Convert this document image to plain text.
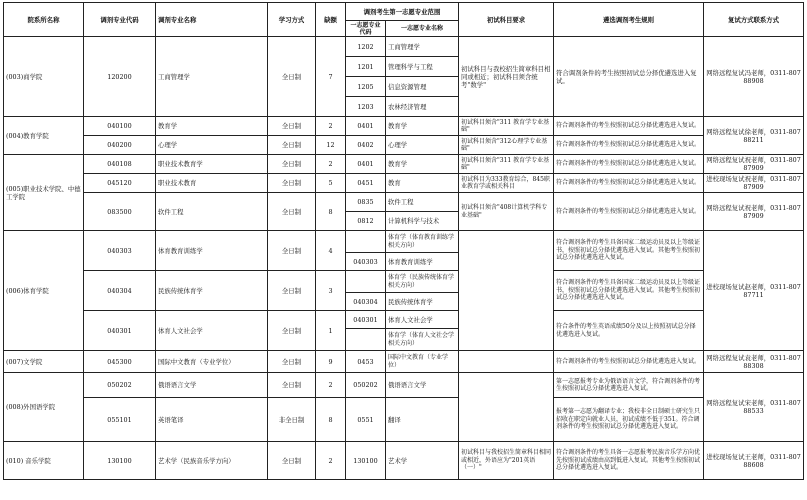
院系所名称	调剂专业代码	调剂专业名称	学习方式	缺额	调剂考生第一志愿专业范围		初试科目要求	遴选调剂考生规则	复试方式联系方式
					一志愿专业代码	一志愿专业名称			
(003)商学院	120200	工商管理学	全日制	7	1202	工商管理学	初试科目与我校招生简章科目相同或相近；初试科目须含统考"数学"	符合调剂条件的考生按照初试总分择优遴选进入复试。	网络远程复试冯老师，0311-80788908
					1201	管理科学与工程			
					1205	信息资源管理			
					1203	农林经济管理			
(004)教育学院	040100	教育学	全日制	2	0401	教育学	初试科目须含"311 教育学专业基础"	符合调剂条件的考生按照初试总分择优遴选进入复试。	网络远程复试徐老师，0311-80788211
	040200	心理学	全日制	12	0402	心理学	初试科目须含"312心理学专业基础"	符合调剂条件的考生按照初试总分择优遴选进入复试。	
(005)职业技术学院、中德工学院	040108	职业技术教育学	全日制	2	0401	教育学	初试科目须含"311 教育学专业基础"	符合调剂条件的考生按照初试总分择优遴选进入复试。	网络远程复试祝老师，0311-80787909
	045120	职业技术教育	全日制	5	0451	教育	初试科目为333教育综合，845职业教育学或相关科目	符合调剂条件的考生按照初试总分择优遴选进入复试。	进校现场复试祝老师，0311-80787909
	083500	软件工程	全日制	8	0835	软件工程	初试科目须含"408计算机学科专业基础"	符合调剂条件的考生按照初试总分择优遴选进入复试。	网络远程复试祝老师，0311-80787909
					0812	计算机科学与技术			
(006)体育学院	040303	体育教育训练学	全日制	4		体育学（体育教育训练学相关方向）		符合调剂条件的考生具备国家二级运动员及以上等级证书，按照初试总分择优遴选进入复试。其他考生按照初试总分择优遴选进入复试。	进校现场复试赵老师，0311-80787711
					040303	体育教育训练学			
	040304	民族传统体育学	全日制	3		体育学（民族传统体育学相关方向）		符合调剂条件的考生具备国家二级运动员及以上等级证书，按照初试总分择优遴选进入复试。其他考生按照初试总分择优遴选进入复试。	
					040304	民族传统体育学			
	040301	体育人文社会学	全日制	1	040301	体育人文社会学		符合条件的考生英语成绩50分及以上按照初试总分择优遴选进入复试。	
						体育学（体育人文社会学相关方向）			
(007)文学院	045300	国际中文教育（专业学位）	全日制	9	0453	国际中文教育（专业学位）		符合调剂条件的考生按照初试总分择优遴选进入复试。	网络远程复试袁老师，0311-80788308
(008)外国语学院	050202	俄语语言文学	全日制	2	050202	俄语语言文学		第一志愿报考专业为俄语语言文学，符合调剂条件的考生按照初试总分择优遴选进入复试。	网络远程复试宋老师，0311-80788533
	055101	英语笔译	非全日制	8	0551	翻译		报考第一志愿为翻译专业；我校非全日制硕士研究生只招收在职定向就业人员，初试成绩不低于351。符合调剂条件的考生按照初试总分择优遴选进入复试。	
(010) 音乐学院	130100	艺术学（民族音乐学方向）	全日制	2	130100	艺术学	初试科目与我校招生简章科目相同或相近，外语应为"201英语（一）"	符合调剂条件的考生具备一志愿报考民族音乐学方向优先按照初试成绩由高到低进入复试。其他考生按照初试总分择优遴选进入复试。	进校现场复试王老师，0311-80788608
